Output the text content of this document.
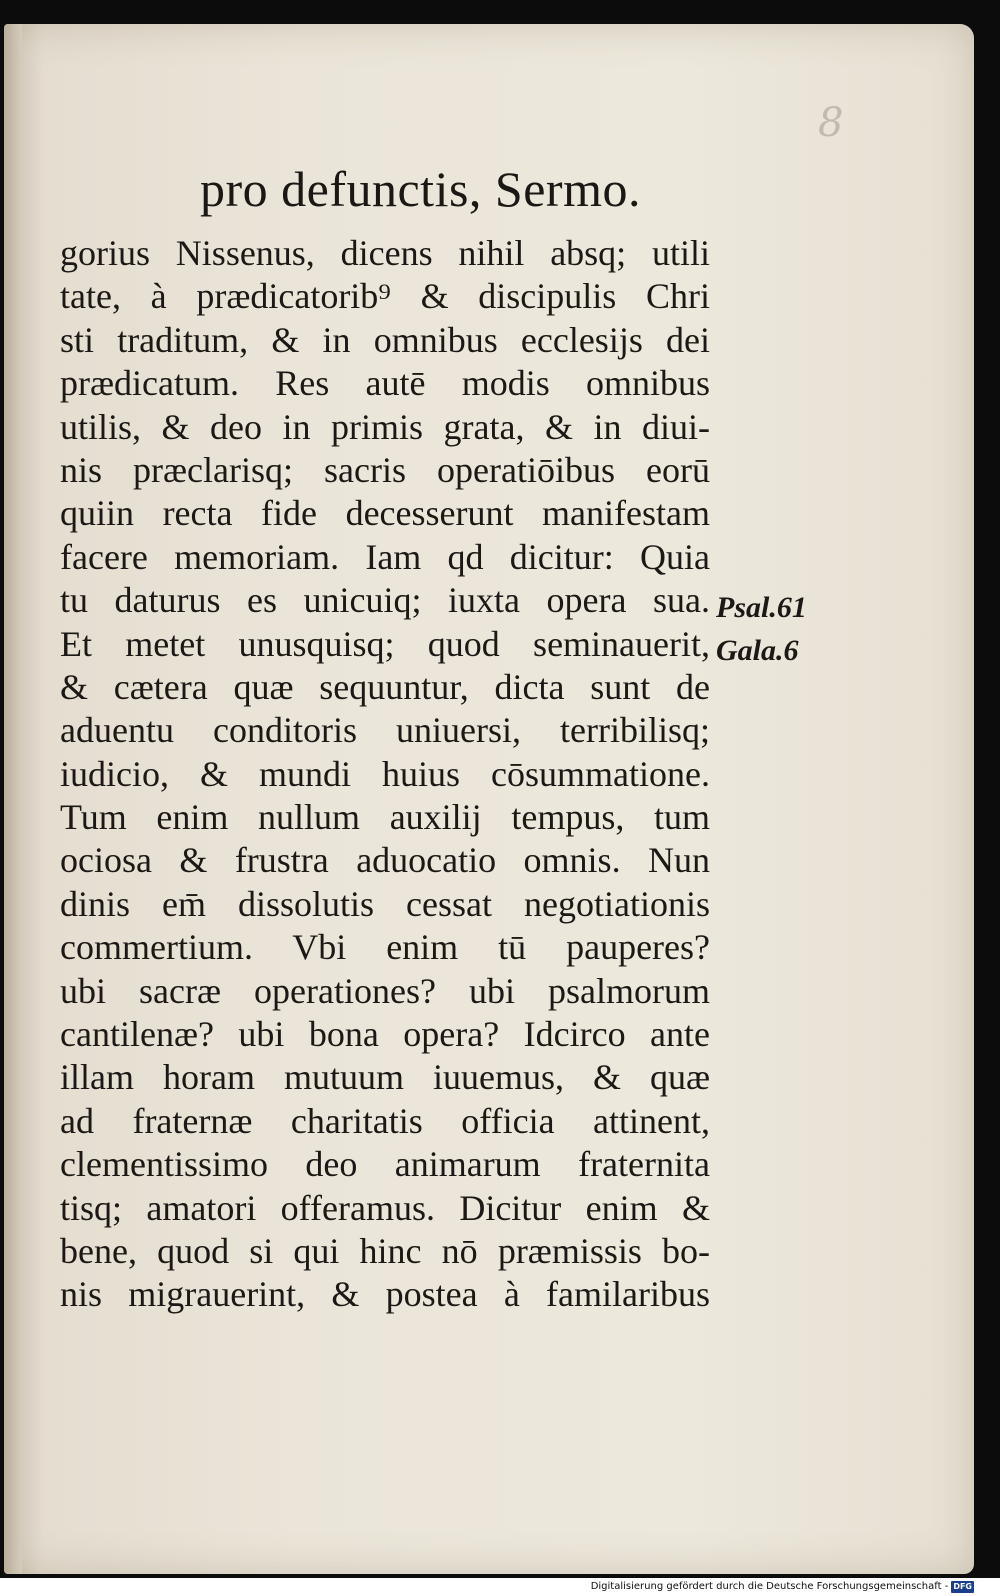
8
pro defunctis, Sermo.
gorius Nissenus, dicens nihil absq; utili
tate, à prædicatorib⁹ & discipulis Chri
sti traditum, & in omnibus ecclesijs dei
prædicatum. Res autē modis omnibus
utilis, & deo in primis grata, & in diui-
nis præclarisq; sacris operatiōibus eorū
quiin recta fide decesserunt manifestam
facere memoriam. Iam qd dicitur: Quia
tu daturus es unicuiq; iuxta opera sua.
Et metet unusquisq; quod seminauerit,
& cætera quæ sequuntur, dicta sunt de
aduentu conditoris uniuersi, terribilisq;
iudicio, & mundi huius cōsummatione.
Tum enim nullum auxilij tempus, tum
ociosa & frustra aduocatio omnis. Nun
dinis em̄ dissolutis cessat negotiationis
commertium. Vbi enim tū pauperes?
ubi sacræ operationes? ubi psalmorum
cantilenæ? ubi bona opera? Idcirco ante
illam horam mutuum iuuemus, & quæ
ad fraternæ charitatis officia attinent,
clementissimo deo animarum fraternita
tisq; amatori offeramus. Dicitur enim &
bene, quod si qui hinc nō præmissis bo-
nis migrauerint, & postea à familaribus
Psal.61
Gala.6
Digitalisierung gefördert durch die Deutsche Forschungsgemeinschaft - DFG
